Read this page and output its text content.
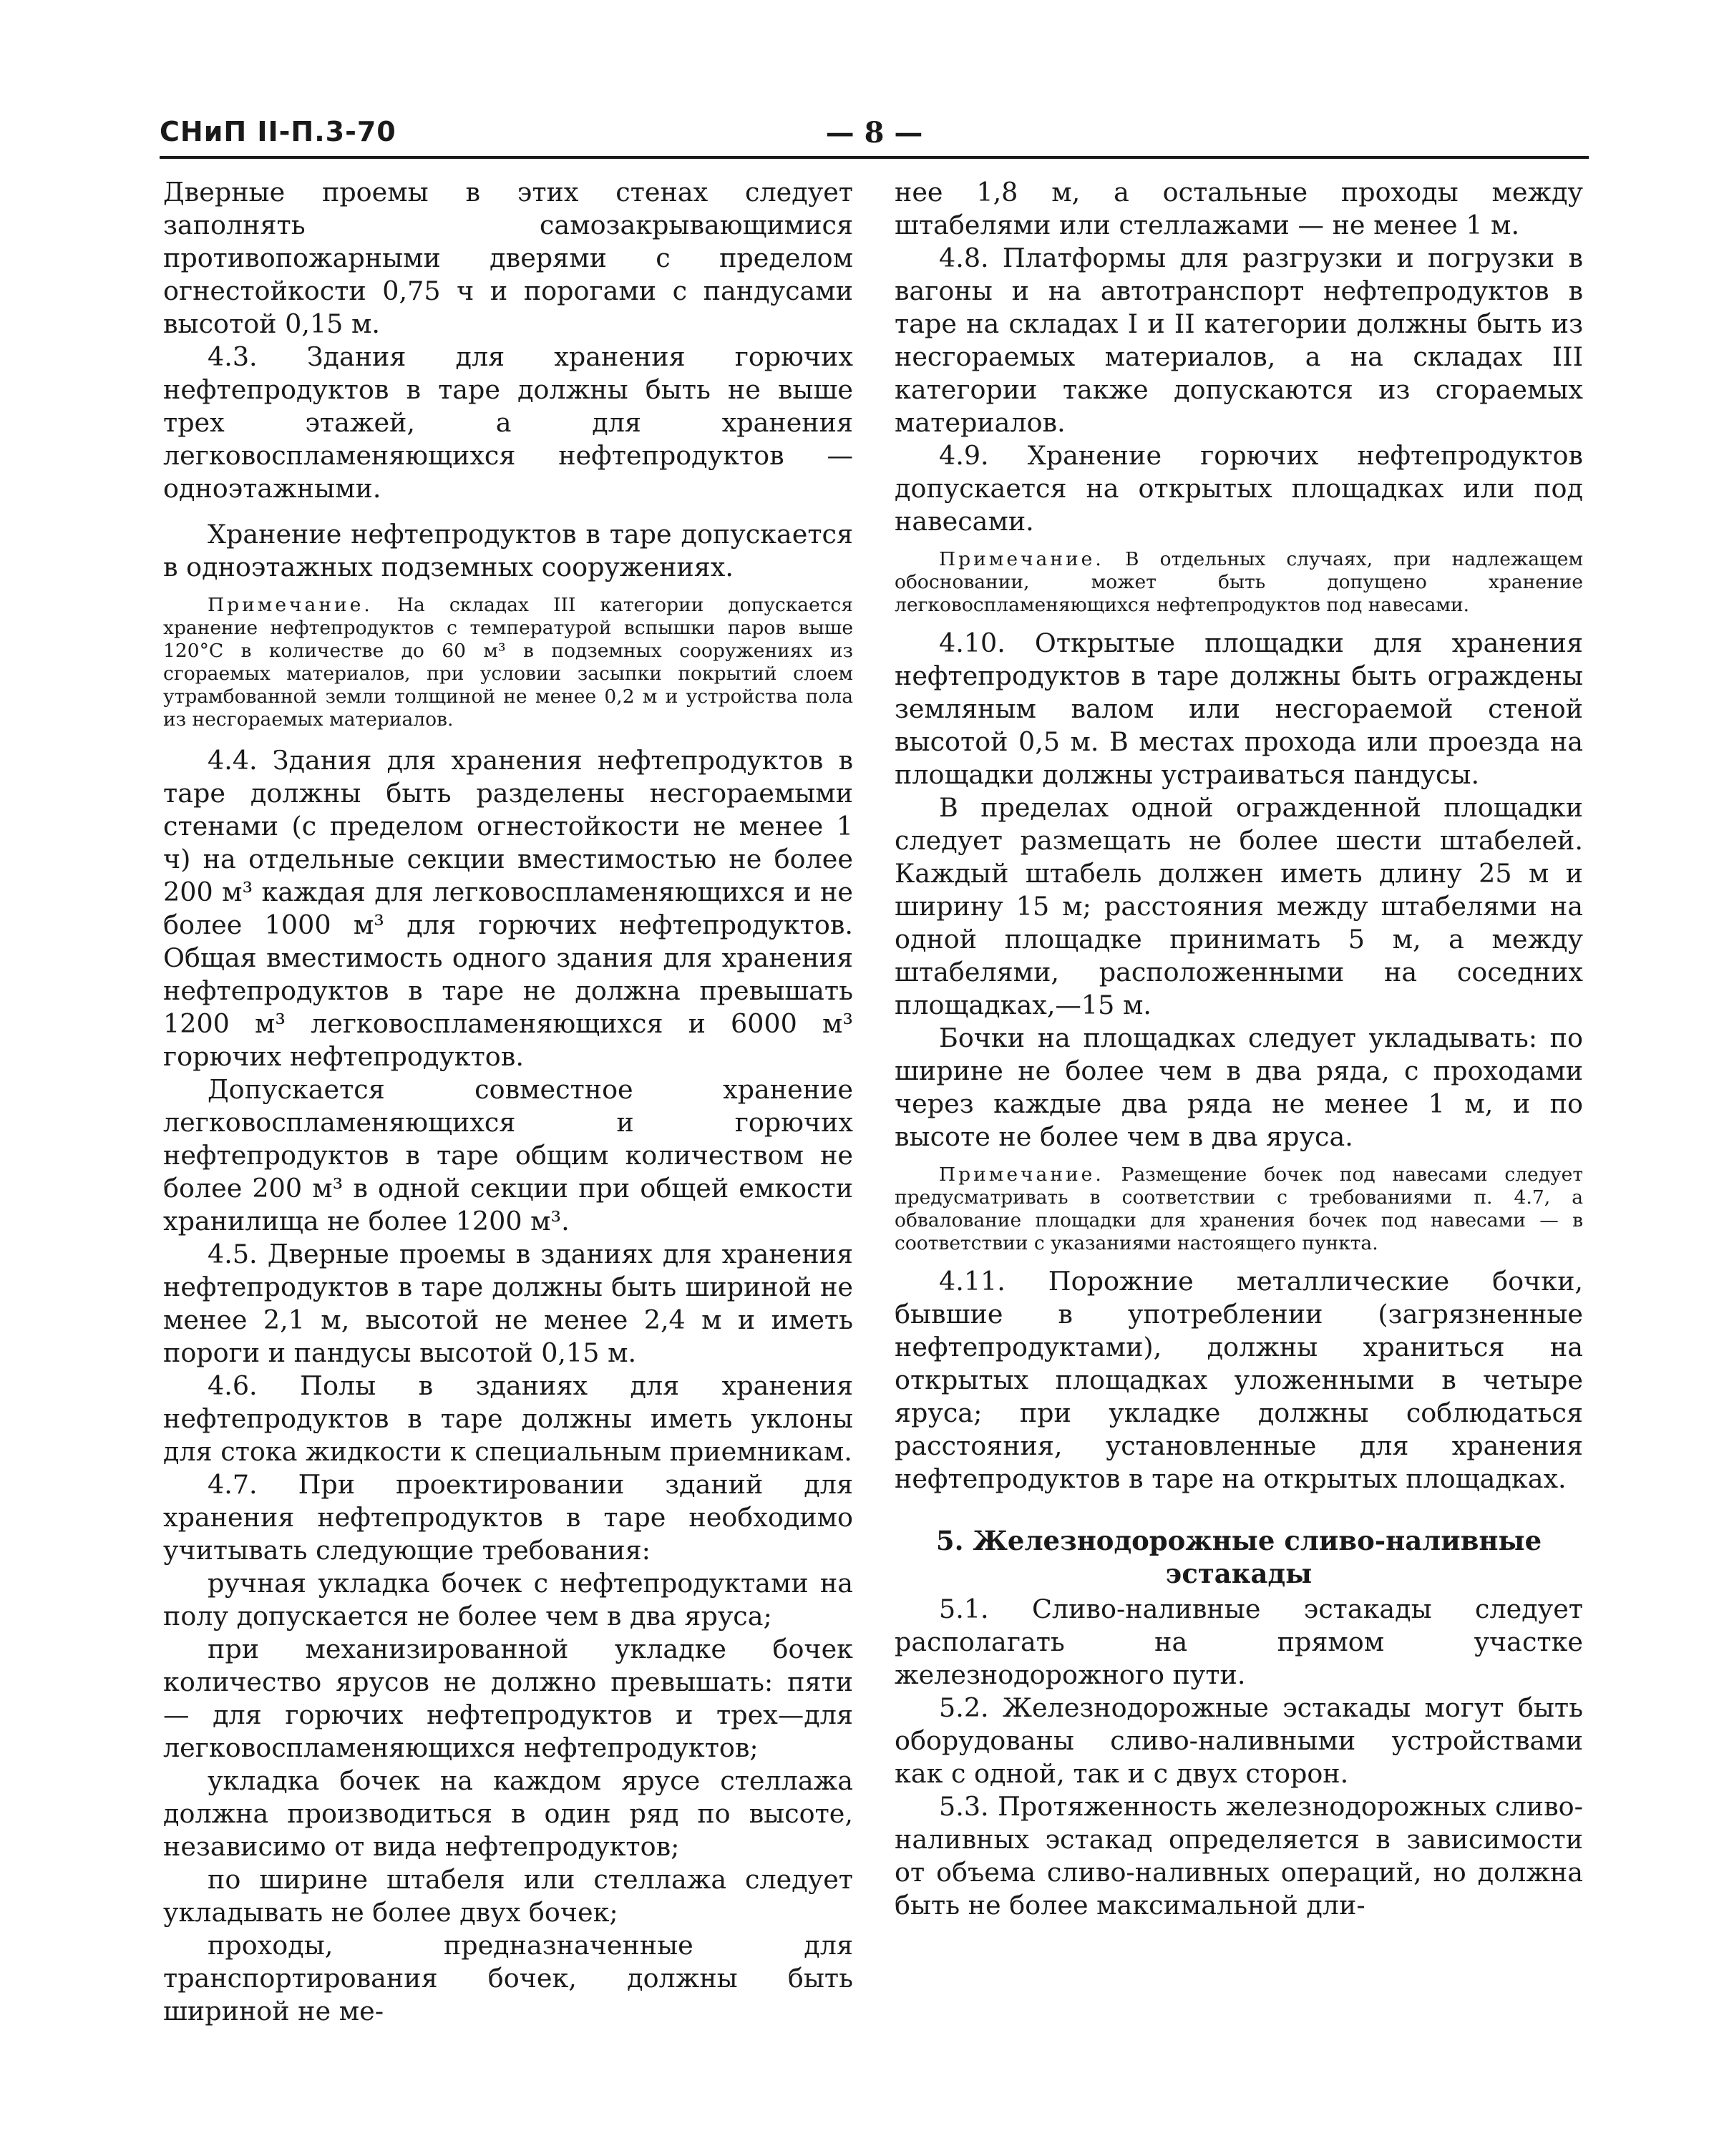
СНиП II-П.3-70	— 8 —

Дверные проемы в этих стенах следует заполнять самозакрывающимися противопожарными дверями с пределом огнестойкости 0,75 ч и порогами с пандусами высотой 0,15 м.

4.3. Здания для хранения горючих нефтепродуктов в таре должны быть не выше трех этажей, а для хранения легковоспламеняющихся нефтепродуктов — одноэтажными.

Хранение нефтепродуктов в таре допускается в одноэтажных подземных сооружениях.

Примечание. На складах III категории допускается хранение нефтепродуктов с температурой вспышки паров выше 120°С в количестве до 60 м³ в подземных сооружениях из сгораемых материалов, при условии засыпки покрытий слоем утрамбованной земли толщиной не менее 0,2 м и устройства пола из несгораемых материалов.

4.4. Здания для хранения нефтепродуктов в таре должны быть разделены несгораемыми стенами (с пределом огнестойкости не менее 1 ч) на отдельные секции вместимостью не более 200 м³ каждая для легковоспламеняющихся и не более 1000 м³ для горючих нефтепродуктов. Общая вместимость одного здания для хранения нефтепродуктов в таре не должна превышать 1200 м³ легковоспламеняющихся и 6000 м³ горючих нефтепродуктов.

Допускается совместное хранение легковоспламеняющихся и горючих нефтепродуктов в таре общим количеством не более 200 м³ в одной секции при общей емкости хранилища не более 1200 м³.

4.5. Дверные проемы в зданиях для хранения нефтепродуктов в таре должны быть шириной не менее 2,1 м, высотой не менее 2,4 м и иметь пороги и пандусы высотой 0,15 м.

4.6. Полы в зданиях для хранения нефтепродуктов в таре должны иметь уклоны для стока жидкости к специальным приемникам.

4.7. При проектировании зданий для хранения нефтепродуктов в таре необходимо учитывать следующие требования:

ручная укладка бочек с нефтепродуктами на полу допускается не более чем в два яруса;

при механизированной укладке бочек количество ярусов не должно превышать: пяти — для горючих нефтепродуктов и трех—для легковоспламеняющихся нефтепродуктов;

укладка бочек на каждом ярусе стеллажа должна производиться в один ряд по высоте, независимо от вида нефтепродуктов;

по ширине штабеля или стеллажа следует укладывать не более двух бочек;

проходы, предназначенные для транспортирования бочек, должны быть шириной не ме-

нее 1,8 м, а остальные проходы между штабелями или стеллажами — не менее 1 м.

4.8. Платформы для разгрузки и погрузки в вагоны и на автотранспорт нефтепродуктов в таре на складах I и II категории должны быть из несгораемых материалов, а на складах III категории также допускаются из сгораемых материалов.

4.9. Хранение горючих нефтепродуктов допускается на открытых площадках или под навесами.

Примечание. В отдельных случаях, при надлежащем обосновании, может быть допущено хранение легковоспламеняющихся нефтепродуктов под навесами.

4.10. Открытые площадки для хранения нефтепродуктов в таре должны быть ограждены земляным валом или несгораемой стеной высотой 0,5 м. В местах прохода или проезда на площадки должны устраиваться пандусы.

В пределах одной огражденной площадки следует размещать не более шести штабелей. Каждый штабель должен иметь длину 25 м и ширину 15 м; расстояния между штабелями на одной площадке принимать 5 м, а между штабелями, расположенными на соседних площадках,—15 м.

Бочки на площадках следует укладывать: по ширине не более чем в два ряда, с проходами через каждые два ряда не менее 1 м, и по высоте не более чем в два яруса.

Примечание. Размещение бочек под навесами следует предусматривать в соответствии с требованиями п. 4.7, а обвалование площадки для хранения бочек под навесами — в соответствии с указаниями настоящего пункта.

4.11. Порожние металлические бочки, бывшие в употреблении (загрязненные нефтепродуктами), должны храниться на открытых площадках уложенными в четыре яруса; при укладке должны соблюдаться расстояния, установленные для хранения нефтепродуктов в таре на открытых площадках.

5. Железнодорожные сливо-наливные эстакады

5.1. Сливо-наливные эстакады следует располагать на прямом участке железнодорожного пути.

5.2. Железнодорожные эстакады могут быть оборудованы сливо-наливными устройствами как с одной, так и с двух сторон.

5.3. Протяженность железнодорожных сливо-наливных эстакад определяется в зависимости от объема сливо-наливных операций, но должна быть не более максимальной дли-
